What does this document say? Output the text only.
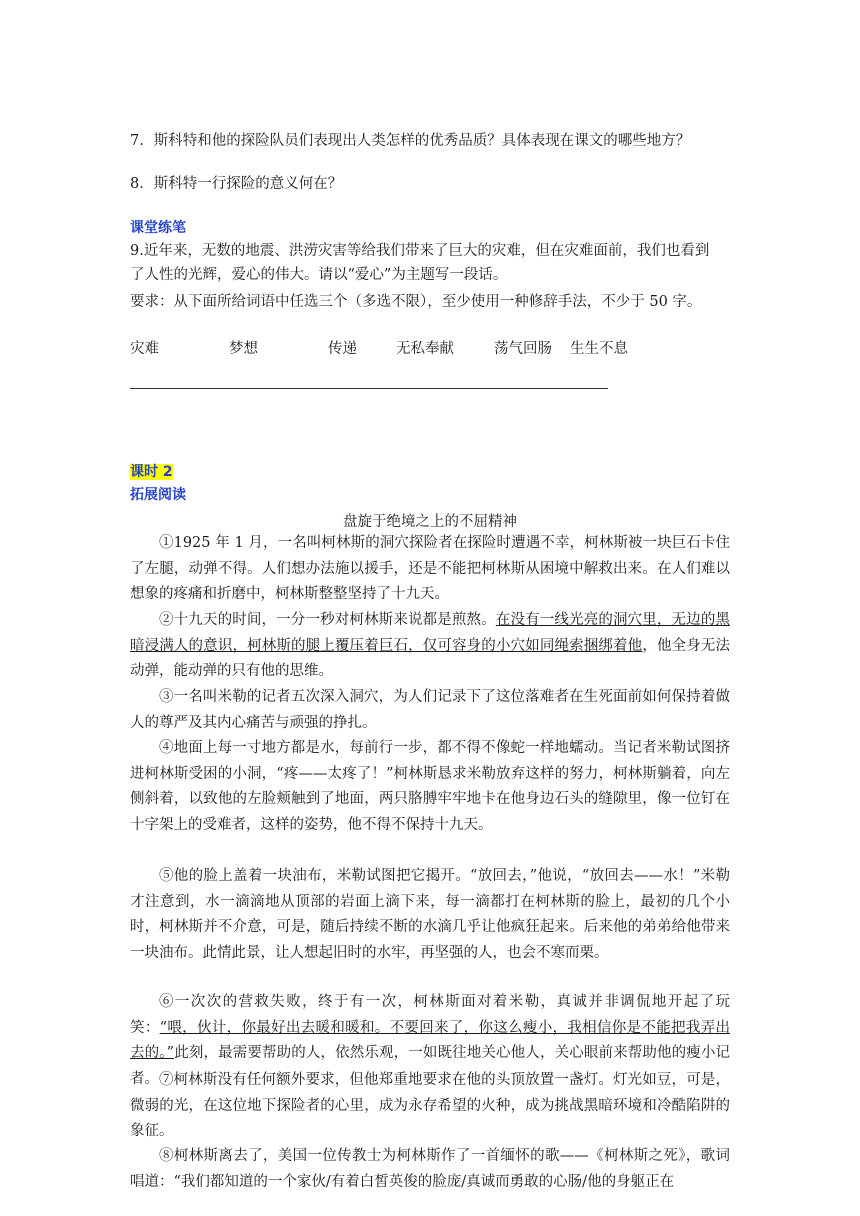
7．斯科特和他的探险队员们表现出人类怎样的优秀品质？具体表现在课文的哪些地方？
8．斯科特一行探险的意义何在？
课堂练笔
9.近年来，无数的地震、洪涝灾害等给我们带来了巨大的灾难，但在灾难面前，我们也看到
了人性的光辉，爱心的伟大。请以“爱心”为主题写一段话。
要求：从下面所给词语中任选三个（多选不限），至少使用一种修辞手法，不少于 50 字。
灾难	梦想	传递	无私奉献	荡气回肠 生生不息
课时 2
拓展阅读
盘旋于绝境之上的不屈精神
①1925 年 1 月，一名叫柯林斯的洞穴探险者在探险时遭遇不幸，柯林斯被一块巨石卡住了左腿，动弹不得。人们想办法施以援手，还是不能把柯林斯从困境中解救出来。在人们难以想象的疼痛和折磨中，柯林斯整整坚持了十九天。
②十九天的时间，一分一秒对柯林斯来说都是煎熬。在没有一线光亮的洞穴里，无边的黑暗浸满人的意识，柯林斯的腿上覆压着巨石，仅可容身的小穴如同绳索捆绑着他，他全身无法动弹，能动弹的只有他的思维。
③一名叫米勒的记者五次深入洞穴，为人们记录下了这位落难者在生死面前如何保持着做人的尊严及其内心痛苦与顽强的挣扎。
④地面上每一寸地方都是水，每前行一步，都不得不像蛇一样地蠕动。当记者米勒试图挤进柯林斯受困的小洞，“疼——太疼了！”柯林斯恳求米勒放弃这样的努力，柯林斯躺着，向左侧斜着，以致他的左脸颊触到了地面，两只胳膊牢牢地卡在他身边石头的缝隙里，像一位钉在十字架上的受难者，这样的姿势，他不得不保持十九天。
⑤他的脸上盖着一块油布，米勒试图把它揭开。“放回去，”他说，“放回去——水！”米勒才注意到，水一滴滴地从顶部的岩面上滴下来，每一滴都打在柯林斯的脸上，最初的几个小时，柯林斯并不介意，可是，随后持续不断的水滴几乎让他疯狂起来。后来他的弟弟给他带来一块油布。此情此景，让人想起旧时的水牢，再坚强的人，也会不寒而栗。
⑥一次次的营救失败，终于有一次，柯林斯面对着米勒，真诚并非调侃地开起了玩笑：“喂，伙计，你最好出去暖和暖和。不要回来了，你这么瘦小，我相信你是不能把我弄出去的。”此刻，最需要帮助的人，依然乐观，一如既往地关心他人，关心眼前来帮助他的瘦小记者。 ⑦柯林斯没有任何额外要求，但他郑重地要求在他的头顶放置一盏灯。灯光如豆，可是，微弱的光，在这位地下探险者的心里，成为永存希望的火种，成为挑战黑暗环境和冷酷陷阱的象征。
⑧柯林斯离去了，美国一位传教士为柯林斯作了一首缅怀的歌——《柯林斯之死》，歌词唱道：“我们都知道的一个家伙/有着白皙英俊的脸庞/真诚而勇敢的心肠/他的身躯正在
